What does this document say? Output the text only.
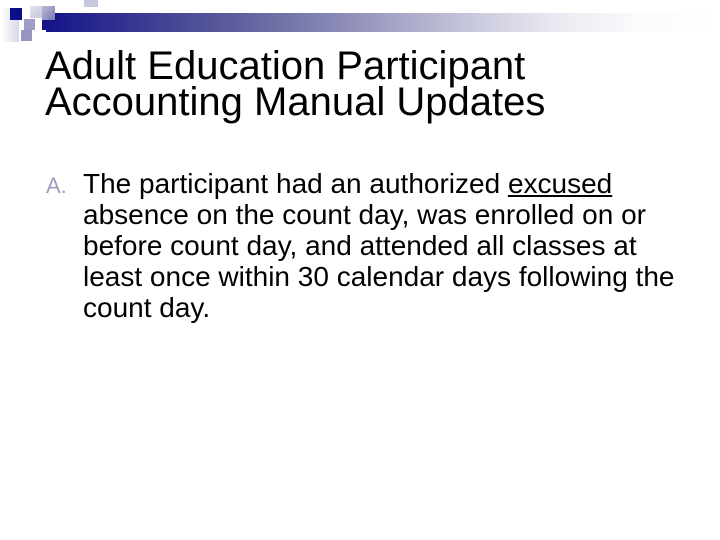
Adult Education Participant
Accounting Manual Updates
A. The participant had an authorized excused
absence on the count day, was enrolled on or
before count day, and attended all classes at
least once within 30 calendar days following the
count day.
